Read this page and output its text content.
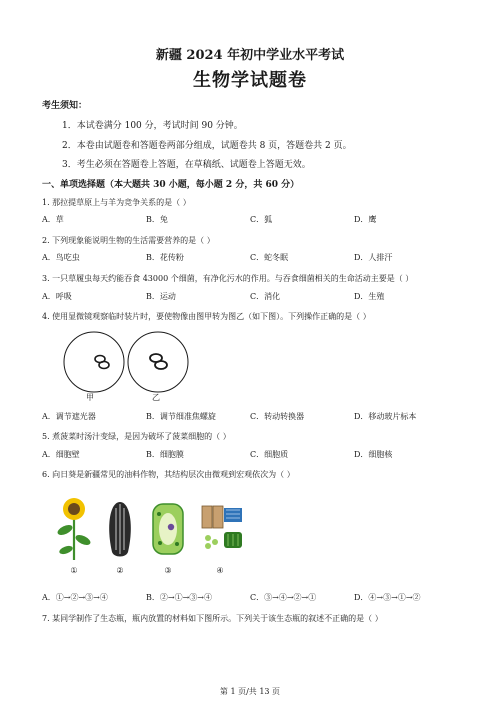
新疆 2024 年初中学业水平考试
生物学试题卷
考生须知：
1．本试卷满分 100 分，考试时间 90 分钟。
2．本卷由试题卷和答题卷两部分组成，试题卷共 8 页，答题卷共 2 页。
3．考生必须在答题卷上答题，在草稿纸、试题卷上答题无效。
一、单项选择题（本大题共 30 小题，每小题 2 分，共 60 分）
1. 那拉提草原上与羊为竞争关系的是（ ）
A．草	B．兔	C．狐	D．鹰
2. 下列现象能说明生物的生活需要营养的是（ ）
A．鸟吃虫	B．花传粉	C．蛇冬眠	D．人排汗
3. 一只草履虫每天约能吞食 43000 个细菌，有净化污水的作用。与吞食细菌相关的生命活动主要是（ ）
A．呼吸	B．运动	C．消化	D．生殖
4. 使用显微镜观察临时装片时，要使物像由图甲转为图乙（如下图）。下列操作正确的是（ ）
甲	乙
A．调节遮光器	B．调节细准焦螺旋	C．转动转换器	D．移动玻片标本
5. 煮菠菜时汤汁变绿，是因为破坏了菠菜细胞的（ ）
A．细胞壁	B．细胞膜	C．细胞质	D．细胞核
6. 向日葵是新疆常见的油料作物，其结构层次由微观到宏观依次为（ ）
①	②	③	④
A．①→②→③→④	B．②→①→③→④	C．③→④→②→①	D．④→③→①→②
7. 某同学制作了生态瓶，瓶内放置的材料如下图所示。下列关于该生态瓶的叙述不正确的是（ ）
第 1 页/共 13 页
